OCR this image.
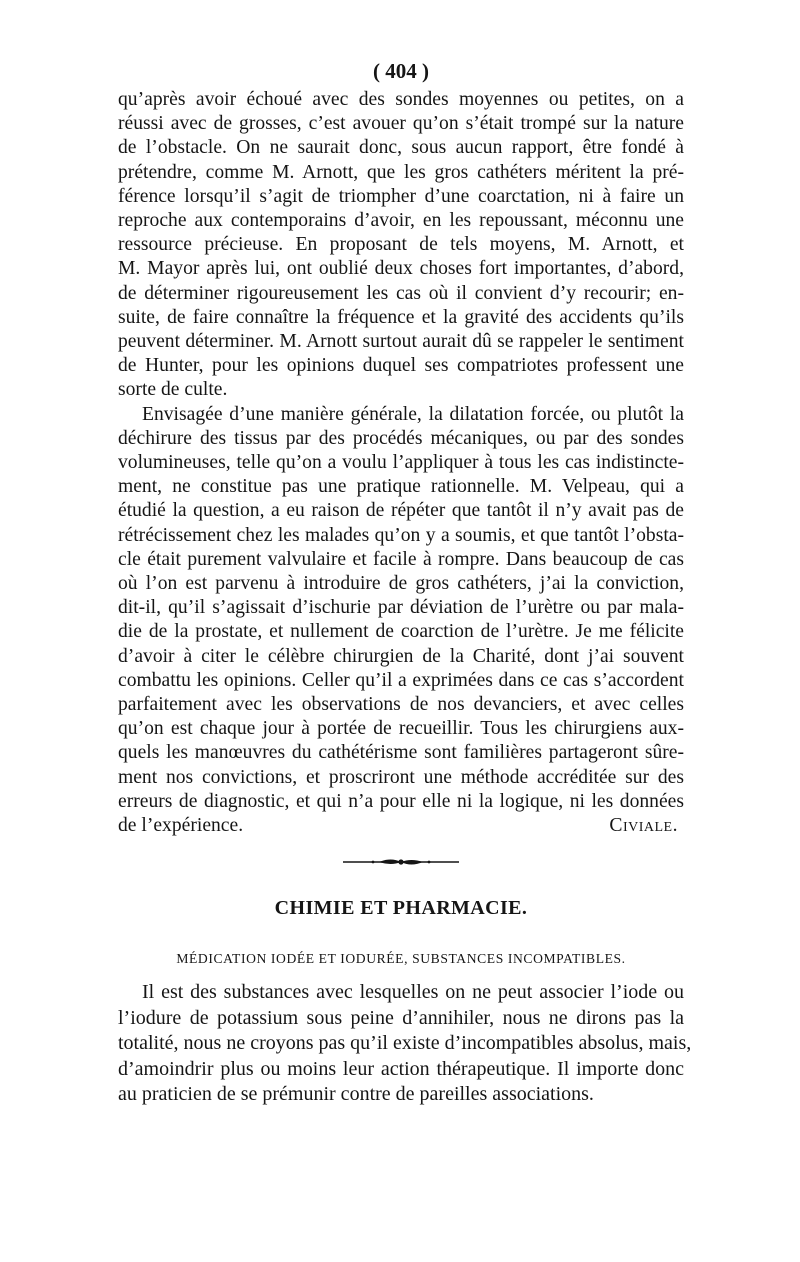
( 404 )
qu’après avoir échoué avec des sondes moyennes ou petites, on a
réussi avec de grosses, c’est avouer qu’on s’était trompé sur la nature
de l’obstacle. On ne saurait donc, sous aucun rapport, être fondé à
prétendre, comme M. Arnott, que les gros cathéters méritent la pré-
férence lorsqu’il s’agit de triompher d’une coarctation, ni à faire un
reproche aux contemporains d’avoir, en les repoussant, méconnu une
ressource précieuse. En proposant de tels moyens, M. Arnott, et
M. Mayor après lui, ont oublié deux choses fort importantes, d’abord,
de déterminer rigoureusement les cas où il convient d’y recourir; en-
suite, de faire connaître la fréquence et la gravité des accidents qu’ils
peuvent déterminer. M. Arnott surtout aurait dû se rappeler le sentiment
de Hunter, pour les opinions duquel ses compatriotes professent une
sorte de culte.
Envisagée d’une manière générale, la dilatation forcée, ou plutôt la
déchirure des tissus par des procédés mécaniques, ou par des sondes
volumineuses, telle qu’on a voulu l’appliquer à tous les cas indistincte-
ment, ne constitue pas une pratique rationnelle. M. Velpeau, qui a
étudié la question, a eu raison de répéter que tantôt il n’y avait pas de
rétrécissement chez les malades qu’on y a soumis, et que tantôt l’obsta-
cle était purement valvulaire et facile à rompre. Dans beaucoup de cas
où l’on est parvenu à introduire de gros cathéters, j’ai la conviction,
dit-il, qu’il s’agissait d’ischurie par déviation de l’urètre ou par mala-
die de la prostate, et nullement de coarction de l’urètre. Je me félicite
d’avoir à citer le célèbre chirurgien de la Charité, dont j’ai souvent
combattu les opinions. Celler qu’il a exprimées dans ce cas s’accordent
parfaitement avec les observations de nos devanciers, et avec celles
qu’on est chaque jour à portée de recueillir. Tous les chirurgiens aux-
quels les manœuvres du cathétérisme sont familières partageront sûre-
ment nos convictions, et proscriront une méthode accréditée sur des
erreurs de diagnostic, et qui n’a pour elle ni la logique, ni les données
de l’expérience.	Civiale.
CHIMIE ET PHARMACIE.
MÉDICATION IODÉE ET IODURÉE, SUBSTANCES INCOMPATIBLES.
Il est des substances avec lesquelles on ne peut associer l’iode ou
l’iodure de potassium sous peine d’annihiler, nous ne dirons pas la
totalité, nous ne croyons pas qu’il existe d’incompatibles absolus, mais,
d’amoindrir plus ou moins leur action thérapeutique. Il importe donc
au praticien de se prémunir contre de pareilles associations.
